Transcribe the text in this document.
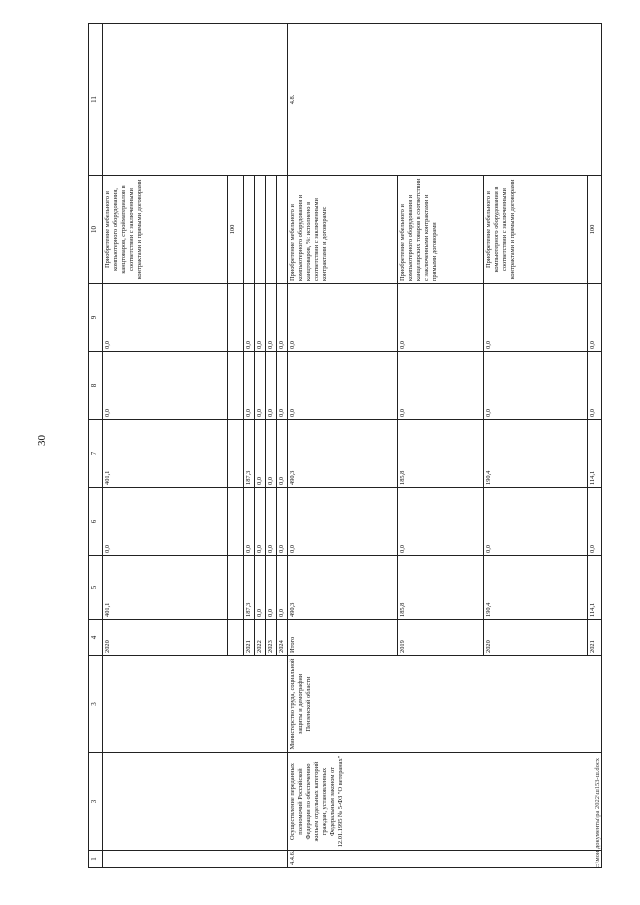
30
c:\мои документы\pa 2022\ш153-ш.docx
1	3	3	4	5	6	7	8	9	10	11
			2020	401,1	0,0	401,1	0,0	0,0	Приобретение мебельного и компьютерного оборудования, канцтоваров, стройматериалов в соответствии с заключенными контрактами и прямыми договорами	
									100	
			2021	187,3	0,0	187,3	0,0	0,0		
			2022	0,0	0,0	0,0	0,0	0,0		
			2023	0,0	0,0	0,0	0,0	0,0		
			2024	0,0	0,0	0,0	0,0	0,0		
4.4.6.	Осуществление переданных полномочий Российской Федерации по обеспечению жильем отдельных категорий граждан, установленных Федеральным законом от 12.01.1995 № 5-ФЗ "О ветеранах"	Министерство труда, социальной защиты и демографии Пензенской области	Итого	490,3	0,0	490,3	0,0	0,0	Приобретение мебельного и компьютерного оборудования и канцтоваров, %: исполнено в соответствии с заключенными контрактами и договорами:	4.8.
			2019	185,8	0,0	185,8	0,0	0,0	Приобретение мебельного и компьютерного оборудования и канцелярских товаров в соответствии с заключенными контрактами и прямыми договорами	
			2020	190,4	0,0	190,4	0,0	0,0	Приобретение мебельного и компьютерного оборудования в соответствии с заключенными контрактами и прямыми договорами	
			2021	114,1	0,0	114,1	0,0	0,0	100	
